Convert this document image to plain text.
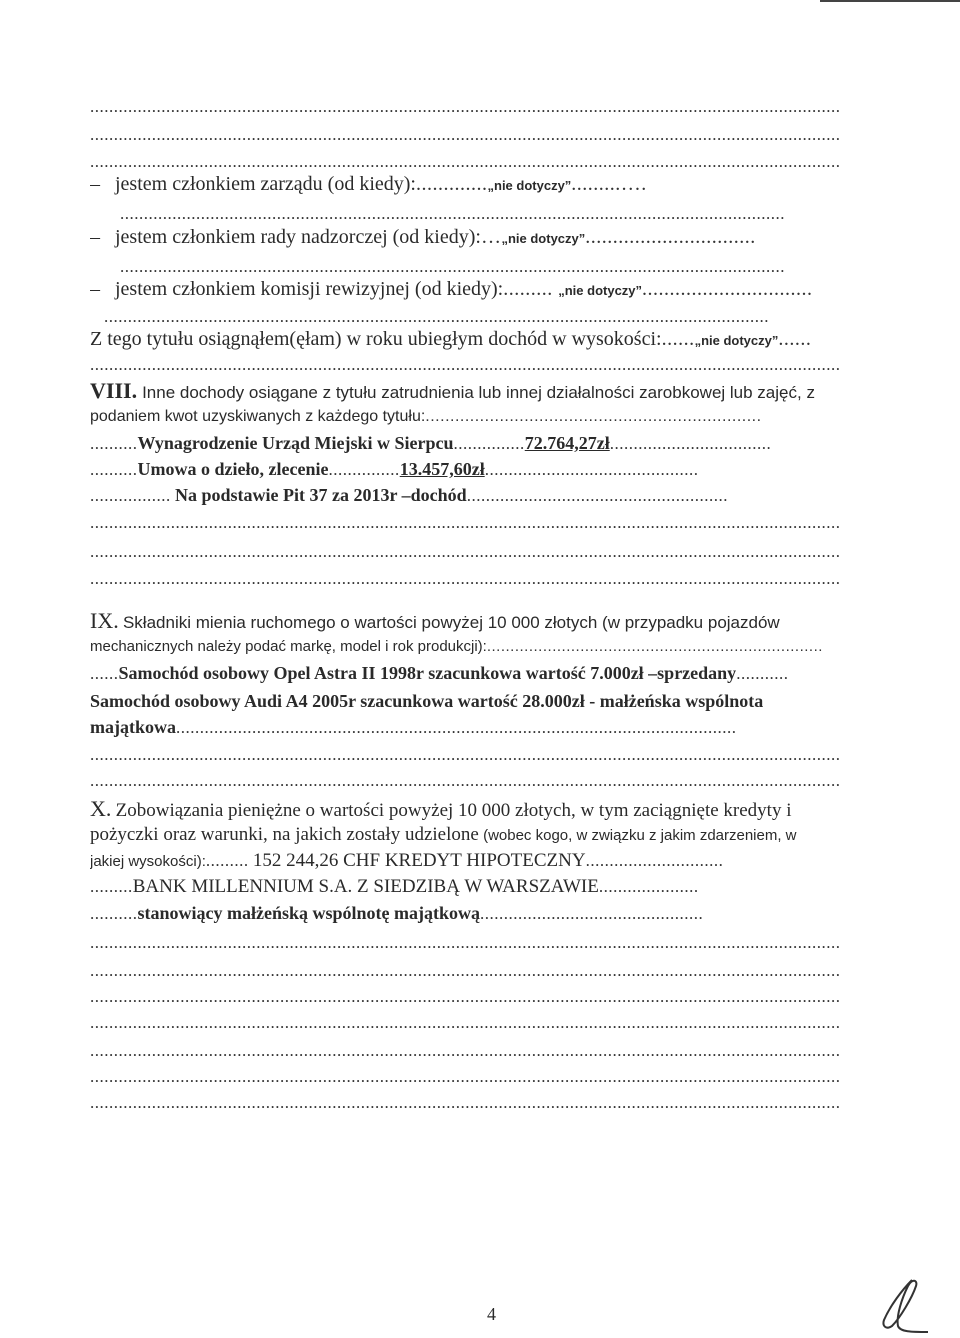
..............................................................................................................................................................
..............................................................................................................................................................
..............................................................................................................................................................
– jestem członkiem zarządu (od kiedy):.............„nie dotyczy”.........….
............................................................................................................................................
– jestem członkiem rady nadzorczej (od kiedy):…„nie dotyczy”...............................
............................................................................................................................................
– jestem członkiem komisji rewizyjnej (od kiedy):......... „nie dotyczy”...............................
............................................................................................................................................
Z tego tytułu osiągnąłem(ęłam) w roku ubiegłym dochód w wysokości:......„nie dotyczy”......
..............................................................................................................................................................
VIII. Inne dochody osiągane z tytułu zatrudnienia lub innej działalności zarobkowej lub zajęć, z
podaniem kwot uzyskiwanych z każdego tytułu:....................................................................
..........Wynagrodzenie Urząd Miejski w Sierpcu...............72.764,27zł..................................
..........Umowa o dzieło, zlecenie...............13.457,60zł.............................................
................. Na podstawie Pit 37 za 2013r –dochód.......................................................
..............................................................................................................................................................
..............................................................................................................................................................
..............................................................................................................................................................
IX. Składniki mienia ruchomego o wartości powyżej 10 000 złotych (w przypadku pojazdów
mechanicznych należy podać markę, model i rok produkcji):........................................................................
......Samochód osobowy Opel Astra II 1998r szacunkowa wartość 7.000zł –sprzedany...........
Samochód osobowy Audi A4 2005r szacunkowa wartość 28.000zł - małżeńska wspólnota
majątkowa......................................................................................................................
..............................................................................................................................................................
..............................................................................................................................................................
X. Zobowiązania pieniężne o wartości powyżej 10 000 złotych, w tym zaciągnięte kredyty i
pożyczki oraz warunki, na jakich zostały udzielone (wobec kogo, w związku z jakim zdarzeniem, w
jakiej wysokości):......... 152 244,26 CHF KREDYT HIPOTECZNY.............................
.........BANK MILLENNIUM S.A. Z SIEDZIBĄ W WARSZAWIE.....................
..........stanowiący małżeńską wspólnotę majątkową...............................................
..............................................................................................................................................................
..............................................................................................................................................................
..............................................................................................................................................................
..............................................................................................................................................................
..............................................................................................................................................................
..............................................................................................................................................................
..............................................................................................................................................................
4
